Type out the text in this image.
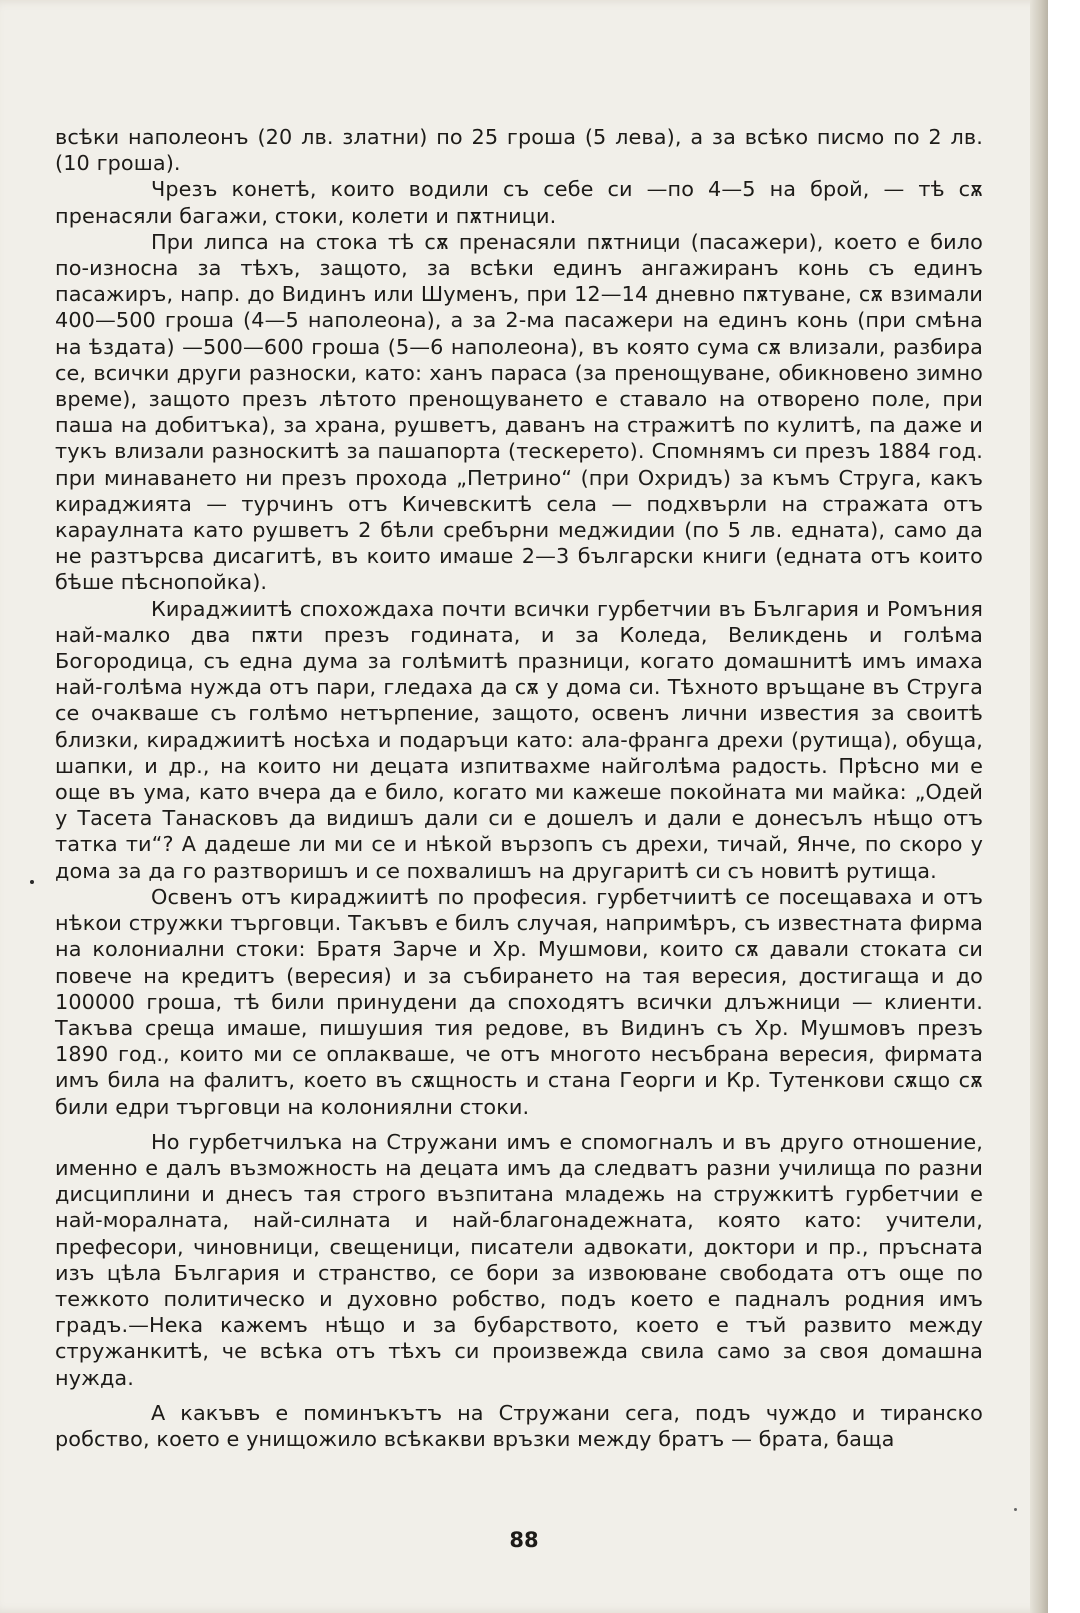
всѣки наполеонъ (20 лв. златни) по 25 гроша (5 лева), а за всѣко писмо по 2 лв. (10 гроша).

Чрезъ конетѣ, които водили съ себе си —по 4—5 на брой, — тѣ сѫ пренасяли багажи, стоки, колети и пѫтници.

При липса на стока тѣ сѫ пренасяли пѫтници (пасажери), което е било по-износна за тѣхъ, защото, за всѣки единъ ангажиранъ конь съ единъ пасажиръ, напр. до Видинъ или Шуменъ, при 12—14 дневно пѫтуване, сѫ взимали 400—500 гроша (4—5 наполеона), а за 2-ма пасажери на единъ конь (при смѣна на ѣздата) —500—600 гроша (5—6 наполеона), въ която сума сѫ влизали, разбира се, всички други разноски, като: ханъ параса (за пренощуване, обикновено зимно време), защото презъ лѣтото пренощуването е ставало на отворено поле, при паша на добитъка), за храна, рушветъ, даванъ на стражитѣ по кулитѣ, па даже и тукъ влизали разноскитѣ за пашапорта (тескерето). Спомнямъ си презъ 1884 год. при минаването ни презъ прохода „Петрино“ (при Охридъ) за къмъ Струга, какъ кираджията — турчинъ отъ Кичевскитѣ села — подхвърли на стражата отъ караулната като рушветъ 2 бѣли сребърни меджидии (по 5 лв. едната), само да не разтърсва дисагитѣ, въ които имаше 2—3 български книги (едната отъ които бѣше пѣснопойка).

Кираджиитѣ спохождаха почти всички гурбетчии въ България и Ромъния най-малко два пѫти презъ годината, и за Коледа, Великдень и голѣма Богородица, съ една дума за голѣмитѣ празници, когато домашнитѣ имъ имаха най-голѣма нужда отъ пари, гледаха да сѫ у дома си. Тѣхното връщане въ Струга се очакваше съ голѣмо нетърпение, защото, освенъ лични известия за своитѣ близки, кираджиитѣ носѣха и подаръци като: ала-франга дрехи (рутища), обуща, шапки, и др., на които ни децата изпитвахме найголѣма радость. Прѣсно ми е още въ ума, като вчера да е било, когато ми кажеше покойната ми майка: „Одей у Тасета Танасковъ да видишъ дали си е дошелъ и дали е донесълъ нѣщо отъ татка ти“? А дадеше ли ми се и нѣкой вързопъ съ дрехи, тичай, Янче, по скоро у дома за да го разтворишъ и се похвалишъ на другаритѣ си съ новитѣ рутища.

Освенъ отъ кираджиитѣ по професия. гурбетчиитѣ се посещаваха и отъ нѣкои стружки търговци. Такъвъ е билъ случая, напримѣръ, съ известната фирма на колониални стоки: Братя Зарче и Хр. Мушмови, които сѫ давали стоката си повече на кредитъ (вересия) и за събирането на тая вересия, достигаща и до 100000 гроша, тѣ били принудени да споходятъ всички длъжници — клиенти. Такъва среща имаше, пишушия тия редове, въ Видинъ съ Хр. Мушмовъ презъ 1890 год., които ми се оплакваше, че отъ многото несъбрана вересия, фирмата имъ била на фалитъ, което въ сѫщность и стана Георги и Кр. Тутенкови сѫщо сѫ били едри търговци на колониялни стоки.

Но гурбетчилъка на Стружани имъ е спомогналъ и въ друго отношение, именно е далъ възможность на децата имъ да следватъ разни училища по разни дисциплини и днесъ тая строго възпитана младежь на стружкитѣ гурбетчии е най-моралната, най-силната и най-благонадежната, която като: учители, префесори, чиновници, свещеници, писатели адвокати, доктори и пр., пръсната изъ цѣла България и странство, се бори за извоюване свободата отъ още по тежкото политическо и духовно робство, подъ което е падналъ родния имъ градъ.—Нека кажемъ нѣщо и за бубарството, което е тъй развито между стружанкитѣ, че всѣка отъ тѣхъ си произвежда свила само за своя домашна нужда.

А какъвъ е поминъкътъ на Стружани сега, подъ чуждо и тиранско робство, което е унищожило всѣкакви връзки между братъ — брата, баща

88
